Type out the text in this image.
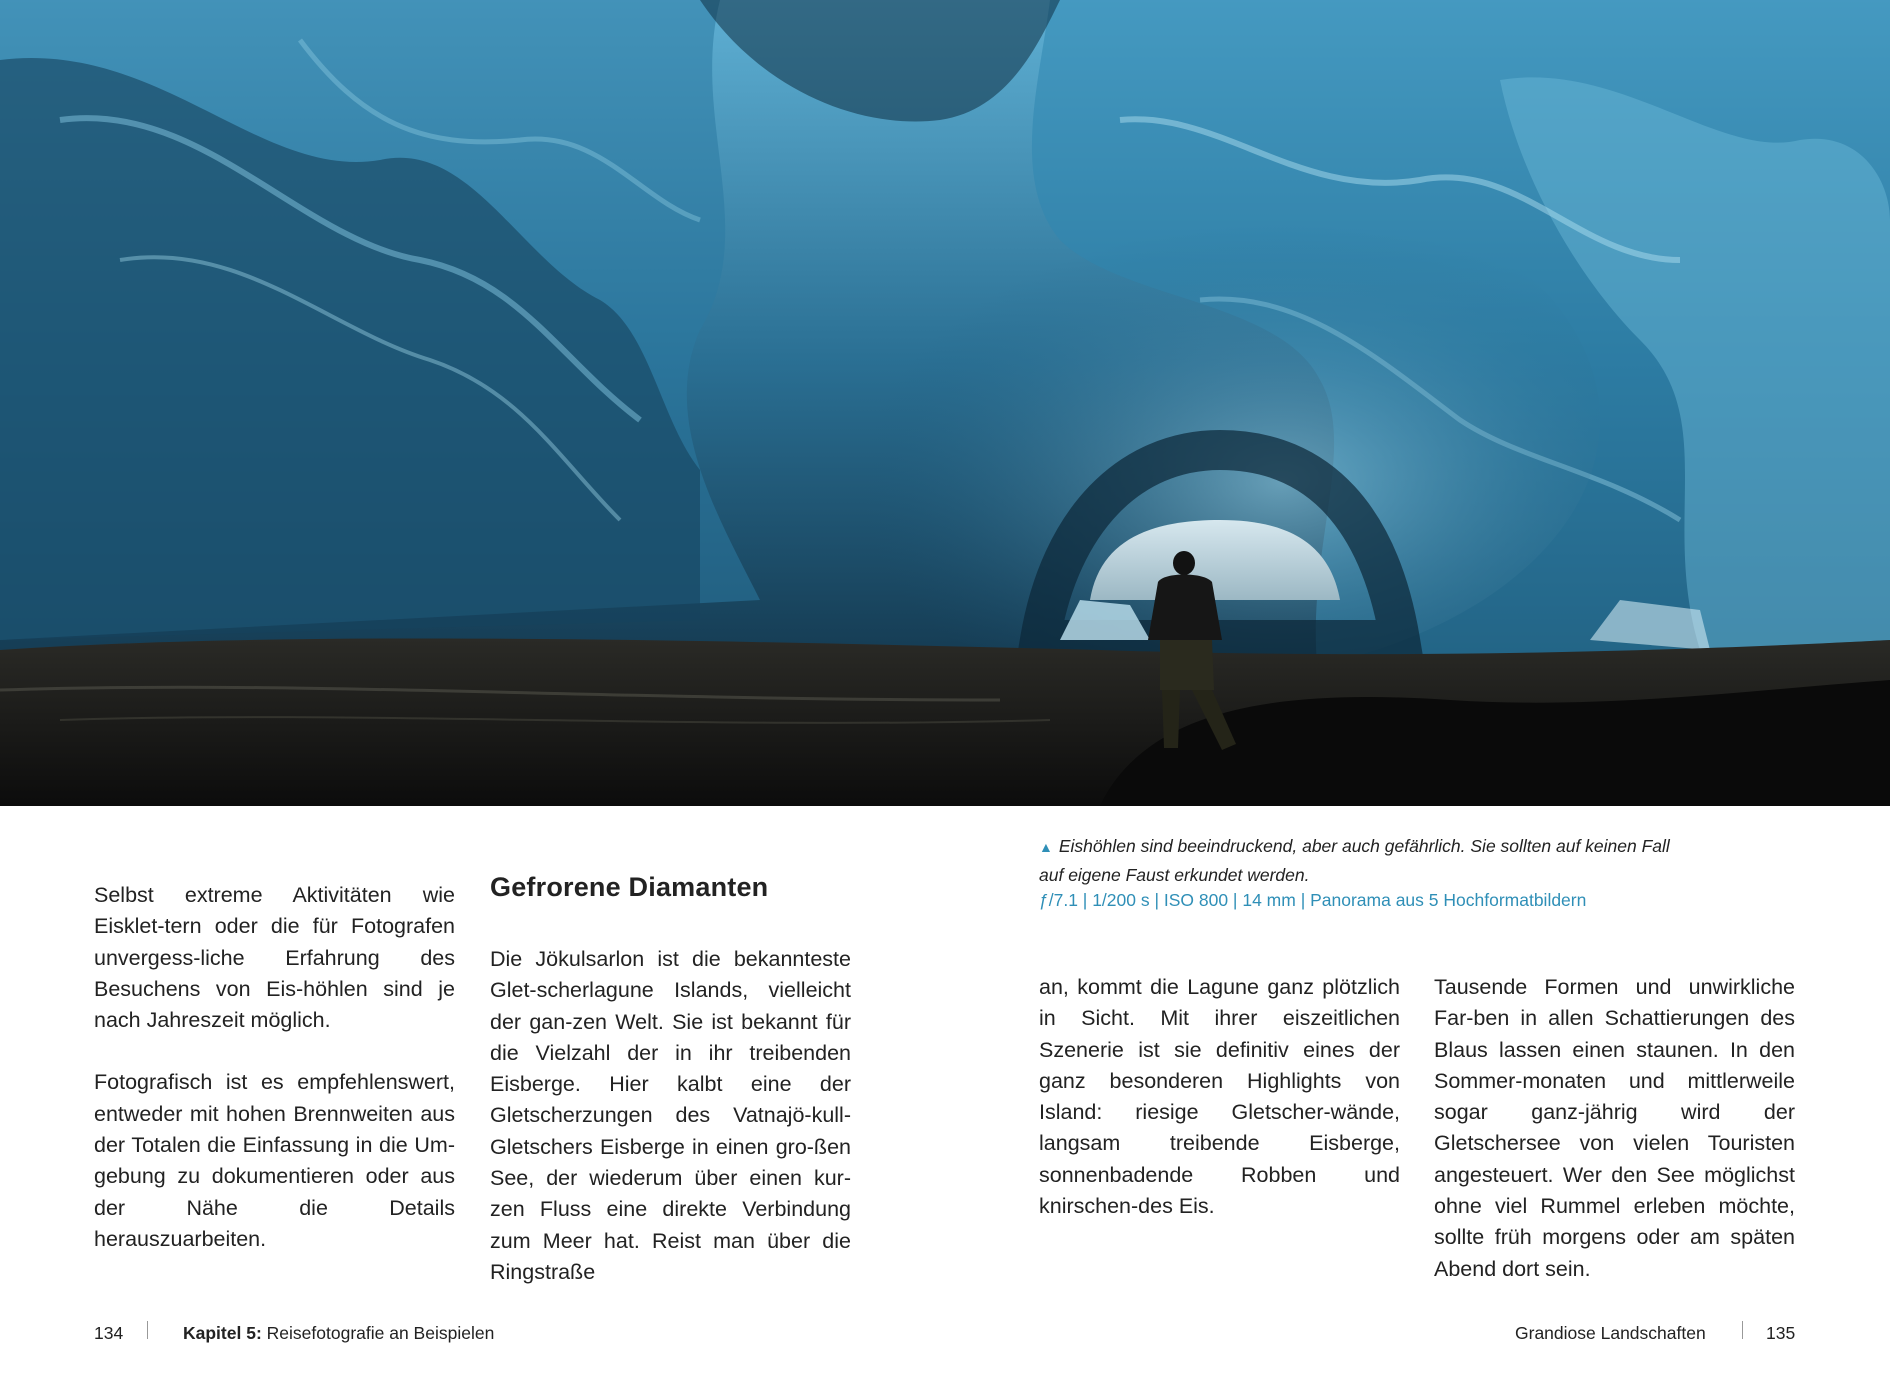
Selbst extreme Aktivitäten wie Eisklet-tern oder die für Fotografen unvergess-liche Erfahrung des Besuchens von Eis-höhlen sind je nach Jahreszeit möglich.

Fotografisch ist es empfehlenswert, entweder mit hohen Brennweiten aus der Totalen die Einfassung in die Um-gebung zu dokumentieren oder aus der Nähe die Details herauszuarbeiten.

Gefrorene Diamanten

Die Jökulsarlon ist die bekannteste Glet-scherlagune Islands, vielleicht der gan-zen Welt. Sie ist bekannt für die Vielzahl der in ihr treibenden Eisberge. Hier kalbt eine der Gletscherzungen des Vatnajö-kull-Gletschers Eisberge in einen gro-ßen See, der wiederum über einen kur-zen Fluss eine direkte Verbindung zum Meer hat. Reist man über die Ringstraße

▲ Eishöhlen sind beeindruckend, aber auch gefährlich. Sie sollten auf keinen Fall auf eigene Faust erkundet werden.
ƒ/7.1 | 1/200 s | ISO 800 | 14 mm | Panorama aus 5 Hochformatbildern

an, kommt die Lagune ganz plötzlich in Sicht. Mit ihrer eiszeitlichen Szenerie ist sie definitiv eines der ganz besonderen Highlights von Island: riesige Gletscher-wände, langsam treibende Eisberge, sonnenbadende Robben und knirschen-des Eis.

Tausende Formen und unwirkliche Far-ben in allen Schattierungen des Blaus lassen einen staunen. In den Sommer-monaten und mittlerweile sogar ganz-jährig wird der Gletschersee von vielen Touristen angesteuert. Wer den See möglichst ohne viel Rummel erleben möchte, sollte früh morgens oder am späten Abend dort sein.

134	Kapitel 5: Reisefotografie an Beispielen	Grandiose Landschaften	135
